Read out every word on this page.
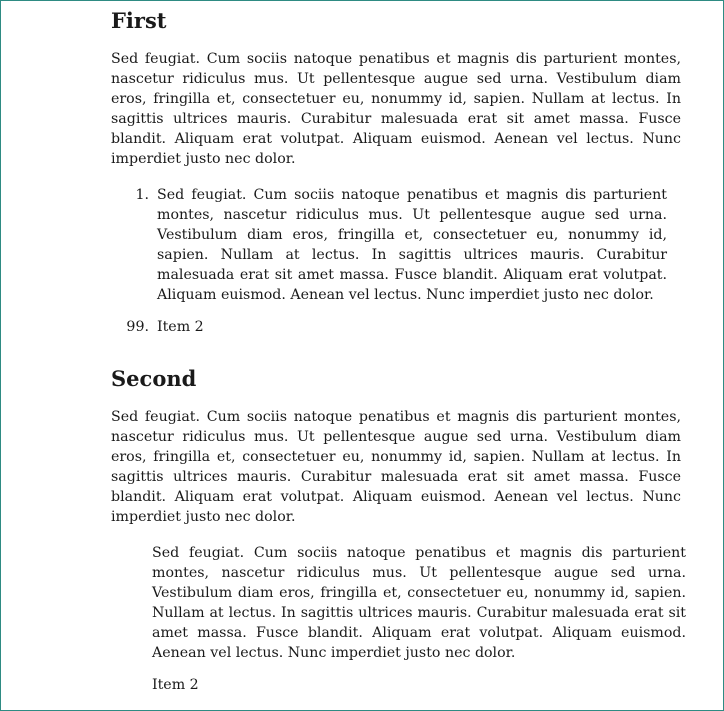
First

Sed feugiat. Cum sociis natoque penatibus et magnis dis parturient montes, nascetur ridiculus mus. Ut pellentesque augue sed urna. Vestibulum diam eros, fringilla et, consectetuer eu, nonummy id, sapien. Nullam at lectus. In sagittis ultrices mauris. Curabitur malesuada erat sit amet massa. Fusce blandit. Aliquam erat volutpat. Aliquam euismod. Aenean vel lectus. Nunc imperdiet justo nec dolor.

1. Sed feugiat. Cum sociis natoque penatibus et magnis dis parturient montes, nascetur ridiculus mus. Ut pellentesque augue sed urna. Vestibulum diam eros, fringilla et, consectetuer eu, nonummy id, sapien. Nullam at lectus. In sagittis ultrices mauris. Curabitur malesuada erat sit amet massa. Fusce blandit. Aliquam erat volutpat. Aliquam euismod. Aenean vel lectus. Nunc imperdiet justo nec dolor.
99. Item 2
Second

Sed feugiat. Cum sociis natoque penatibus et magnis dis parturient montes, nascetur ridiculus mus. Ut pellentesque augue sed urna. Vestibulum diam eros, fringilla et, consectetuer eu, nonummy id, sapien. Nullam at lectus. In sagittis ultrices mauris. Curabitur malesuada erat sit amet massa. Fusce blandit. Aliquam erat volutpat. Aliquam euismod. Aenean vel lectus. Nunc imperdiet justo nec dolor.

Sed feugiat. Cum sociis natoque penatibus et magnis dis parturient montes, nascetur ridiculus mus. Ut pellentesque augue sed urna. Vestibulum diam eros, fringilla et, consectetuer eu, nonummy id, sapien. Nullam at lectus. In sagittis ultrices mauris. Curabitur malesuada erat sit amet massa. Fusce blandit. Aliquam erat volutpat. Aliquam euismod. Aenean vel lectus. Nunc imperdiet justo nec dolor.
Item 2
